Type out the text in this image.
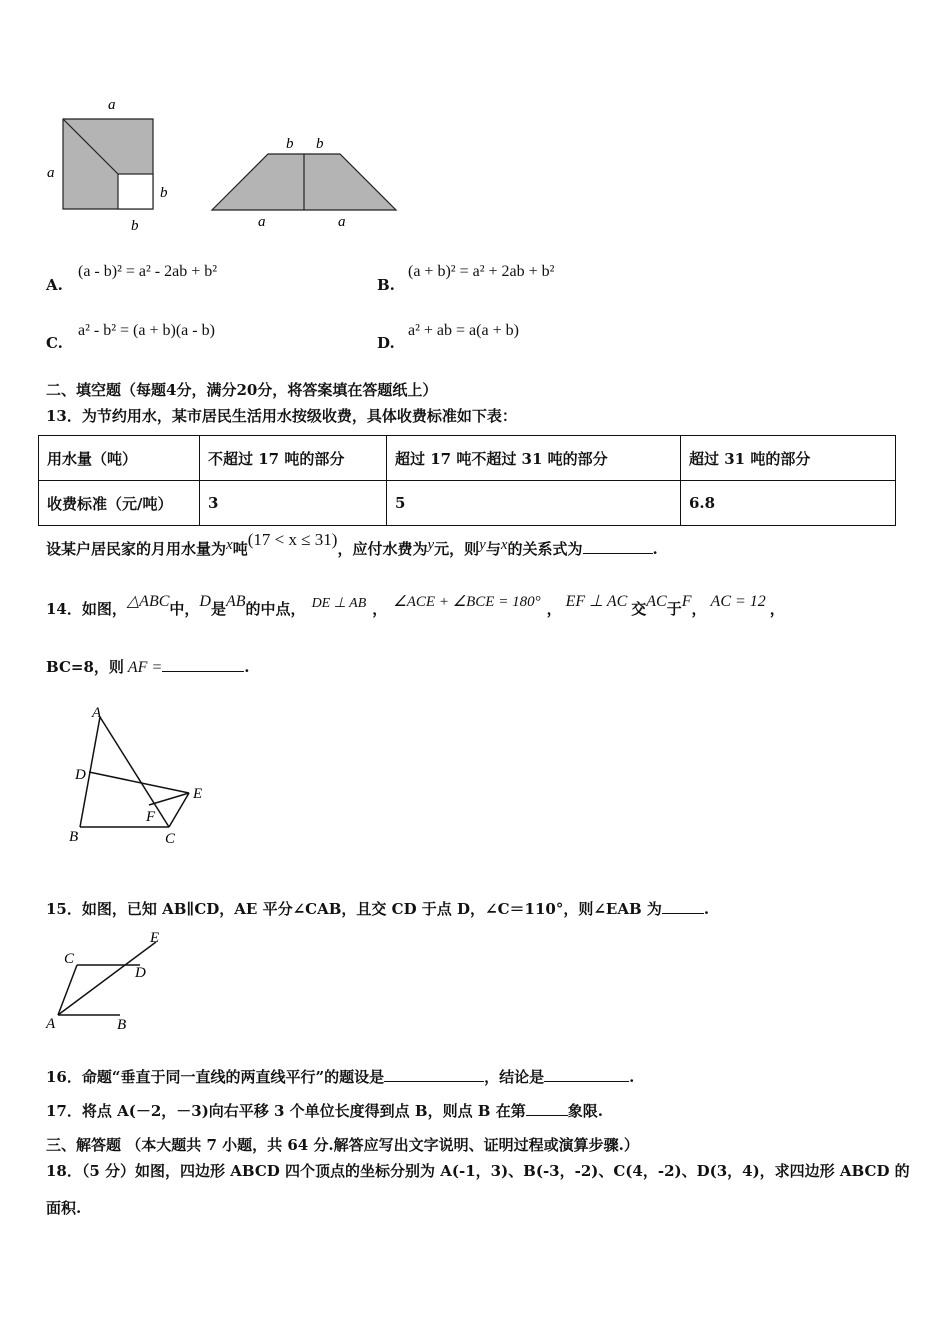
a
a
b
b
b b
a	a
A.
(a - b)² = a² - 2ab + b²
B.
(a + b)² = a² + 2ab + b²
C.
a² - b² = (a + b)(a - b)
D.
a² + ab = a(a + b)
二、填空题（每题4分，满分20分，将答案填在答题纸上）
13．为节约用水，某市居民生活用水按级收费，具体收费标准如下表：
用水量（吨）	不超过 17 吨的部分	超过 17 吨不超过 31 吨的部分	超过 31 吨的部分
收费标准（元/吨）	3	5	6.8
设某户居民家的月用水量为x吨(17 < x ≤ 31)，应付水费为y元，则y与x的关系式为	.
14．如图，△ABC中，D是AB的中点， DE ⊥ AB ， ∠ACE + ∠BCE = 180° ， EF ⊥ AC 交AC于F， AC = 12 ，
BC=8，则 AF =	.
A
D
E
F
B	C
15．如图，已知 AB∥CD，AE 平分∠CAB，且交 CD 于点 D，∠C＝110°，则∠EAB 为	.
C
E
D
A	B
16．命题“垂直于同一直线的两直线平行”的题设是	，结论是	.
17．将点 A(－2，－3)向右平移 3 个单位长度得到点 B，则点 B 在第	象限.
三、解答题 （本大题共 7 小题，共 64 分.解答应写出文字说明、证明过程或演算步骤.）
18．（5 分）如图，四边形 ABCD 四个顶点的坐标分别为 A(-1，3)、B(-3，-2)、C(4，-2)、D(3，4)，求四边形 ABCD 的
面积.
